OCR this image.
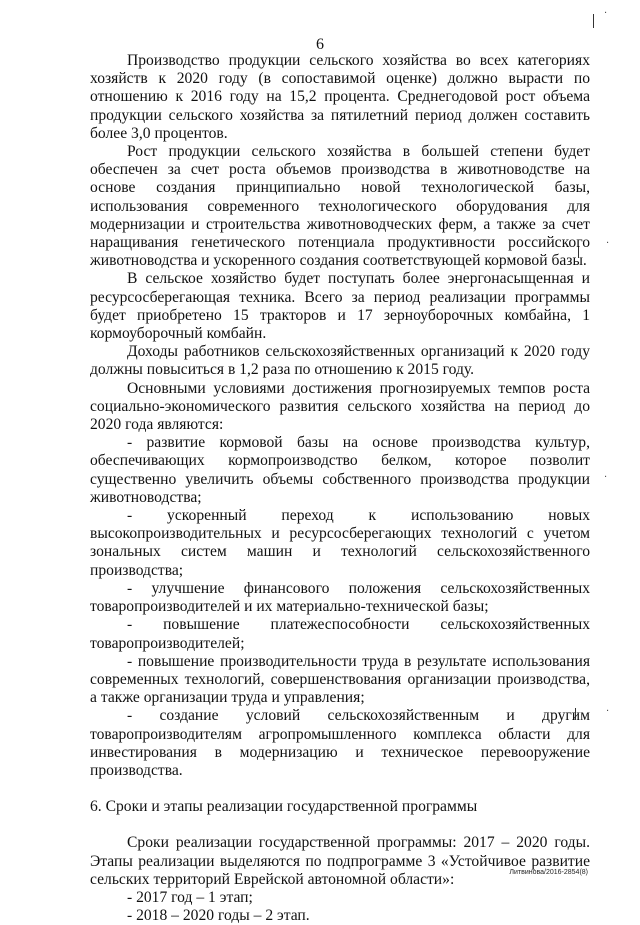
6
·
·
·
·

Производство продукции сельского хозяйства во всех категориях хозяйств к 2020 году (в сопоставимой оценке) должно вырасти по отношению к 2016 году на 15,2 процента. Среднегодовой рост объема продукции сельского хозяйства за пятилетний период должен составить более 3,0 процентов.

Рост продукции сельского хозяйства в большей степени будет обеспечен за счет роста объемов производства в животноводстве на основе создания принципиально новой технологической базы, использования современного технологического оборудования для модернизации и строительства животноводческих ферм, а также за счет наращивания генетического потенциала продуктивности российского животноводства и ускоренного создания соответствующей кормовой базы.

В сельское хозяйство будет поступать более энергонасыщенная и ресурсосберегающая техника. Всего за период реализации программы будет приобретено 15 тракторов и 17 зерноуборочных комбайна, 1 кормоуборочный комбайн.

Доходы работников сельскохозяйственных организаций к 2020 году должны повыситься в 1,2 раза по отношению к 2015 году.

Основными условиями достижения прогнозируемых темпов роста социально-экономического развития сельского хозяйства на период до 2020 года являются:

- развитие кормовой базы на основе производства культур, обеспечивающих кормопроизводство белком, которое позволит существенно увеличить объемы собственного производства продукции животноводства;

- ускоренный переход к использованию новых высокопроизводительных и ресурсосберегающих технологий с учетом зональных систем машин и технологий сельскохозяйственного производства;

- улучшение финансового положения сельскохозяйственных товаропроизводителей и их материально-технической базы;

- повышение платежеспособности сельскохозяйственных товаропроизводителей;

- повышение производительности труда в результате использования современных технологий, совершенствования организации производства, а также организации труда и управления;

- создание условий сельскохозяйственным и другим товаропроизводителям агропромышленного комплекса области для инвестирования в модернизацию и техническое перевооружение производства.

6. Сроки и этапы реализации государственной программы

Сроки реализации государственной программы: 2017 – 2020 годы. Этапы реализации выделяются по подпрограмме 3 «Устойчивое развитие сельских территорий Еврейской автономной области»:

- 2017 год – 1 этап;

- 2018 – 2020 годы – 2 этап.

Литвинова/2016-2854(8)
